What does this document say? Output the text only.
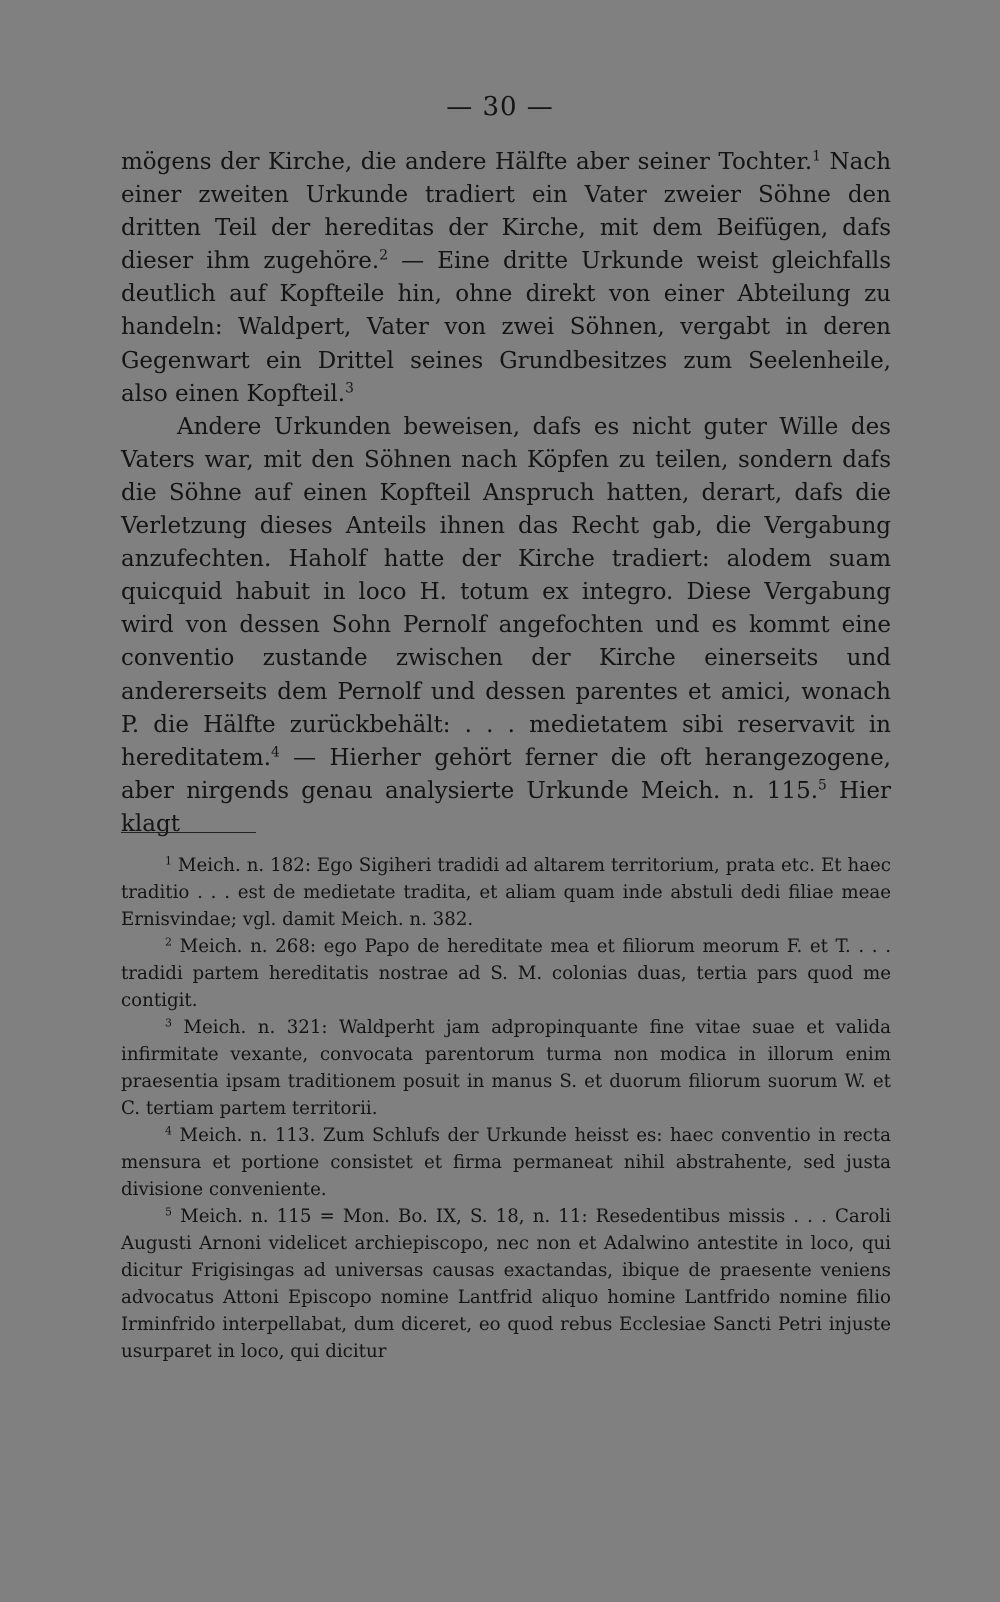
— 30 —

mögens der Kirche, die andere Hälfte aber seiner Tochter.$^1$ Nach einer zweiten Urkunde tradiert ein Vater zweier Söhne den dritten Teil der hereditas der Kirche, mit dem Beifügen, dafs dieser ihm zugehöre.$^2$ — Eine dritte Urkunde weist gleichfalls deutlich auf Kopfteile hin, ohne direkt von einer Abteilung zu handeln: Waldpert, Vater von zwei Söhnen, vergabt in deren Gegenwart ein Drittel seines Grundbesitzes zum Seelenheile, also einen Kopfteil.$^3$

Andere Urkunden beweisen, dafs es nicht guter Wille des Vaters war, mit den Söhnen nach Köpfen zu teilen, sondern dafs die Söhne auf einen Kopfteil Anspruch hatten, derart, dafs die Verletzung dieses Anteils ihnen das Recht gab, die Vergabung anzufechten. Haholf hatte der Kirche tradiert: alodem suam quicquid habuit in loco H. totum ex integro. Diese Vergabung wird von dessen Sohn Pernolf angefochten und es kommt eine conventio zustande zwischen der Kirche einerseits und andererseits dem Pernolf und dessen parentes et amici, wonach P. die Hälfte zurückbehält: . . . medietatem sibi reservavit in hereditatem.$^4$ — Hierher gehört ferner die oft herangezogene, aber nirgends genau analysierte Urkunde Meich. n. 115.$^5$ Hier klagt

$^1$ Meich. n. 182: Ego Sigiheri tradidi ad altarem territorium, prata etc. Et haec traditio . . . est de medietate tradita, et aliam quam inde abstuli dedi filiae meae Ernisvindae; vgl. damit Meich. n. 382.

$^2$ Meich. n. 268: ego Papo de hereditate mea et filiorum meorum F. et T. . . . tradidi partem hereditatis nostrae ad S. M. colonias duas, tertia pars quod me contigit.

$^3$ Meich. n. 321: Waldperht jam adpropinquante fine vitae suae et valida infirmitate vexante, convocata parentorum turma non modica in illorum enim praesentia ipsam traditionem posuit in manus S. et duorum filiorum suorum W. et C. tertiam partem territorii.

$^4$ Meich. n. 113. Zum Schlufs der Urkunde heisst es: haec conventio in recta mensura et portione consistet et firma permaneat nihil abstrahente, sed justa divisione conveniente.

$^5$ Meich. n. 115 = Mon. Bo. IX, S. 18, n. 11: Resedentibus missis . . . Caroli Augusti Arnoni videlicet archiepiscopo, nec non et Adalwino antestite in loco, qui dicitur Frigisingas ad universas causas exactandas, ibique de praesente veniens advocatus Attoni Episcopo nomine Lantfrid aliquo homine Lantfrido nomine filio Irminfrido interpellabat, dum diceret, eo quod rebus Ecclesiae Sancti Petri injuste usurparet in loco, qui dicitur
